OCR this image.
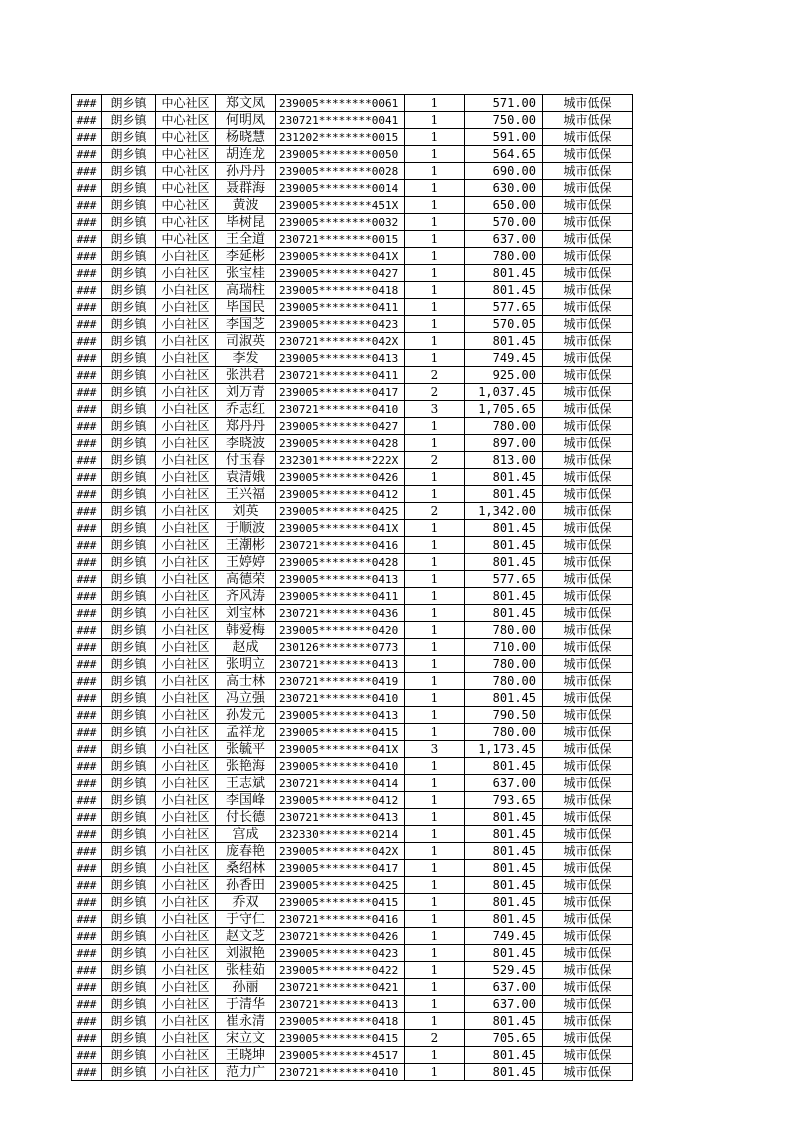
###	朗乡镇	中心社区	郑文凤	239005********0061	1	571.00	城市低保
###	朗乡镇	中心社区	何明凤	230721********0041	1	750.00	城市低保
###	朗乡镇	中心社区	杨晓慧	231202********0015	1	591.00	城市低保
###	朗乡镇	中心社区	胡连龙	239005********0050	1	564.65	城市低保
###	朗乡镇	中心社区	孙丹丹	239005********0028	1	690.00	城市低保
###	朗乡镇	中心社区	聂群海	239005********0014	1	630.00	城市低保
###	朗乡镇	中心社区	黄波	239005********451X	1	650.00	城市低保
###	朗乡镇	中心社区	毕树昆	239005********0032	1	570.00	城市低保
###	朗乡镇	中心社区	王全道	230721********0015	1	637.00	城市低保
###	朗乡镇	小白社区	李延彬	239005********041X	1	780.00	城市低保
###	朗乡镇	小白社区	张宝桂	239005********0427	1	801.45	城市低保
###	朗乡镇	小白社区	高瑞柱	239005********0418	1	801.45	城市低保
###	朗乡镇	小白社区	毕国民	239005********0411	1	577.65	城市低保
###	朗乡镇	小白社区	李国芝	239005********0423	1	570.05	城市低保
###	朗乡镇	小白社区	司淑英	230721********042X	1	801.45	城市低保
###	朗乡镇	小白社区	李发	239005********0413	1	749.45	城市低保
###	朗乡镇	小白社区	张洪君	230721********0411	2	925.00	城市低保
###	朗乡镇	小白社区	刘万青	239005********0417	2	1,037.45	城市低保
###	朗乡镇	小白社区	乔志红	230721********0410	3	1,705.65	城市低保
###	朗乡镇	小白社区	郑丹丹	239005********0427	1	780.00	城市低保
###	朗乡镇	小白社区	李晓波	239005********0428	1	897.00	城市低保
###	朗乡镇	小白社区	付玉春	232301********222X	2	813.00	城市低保
###	朗乡镇	小白社区	袁清娥	239005********0426	1	801.45	城市低保
###	朗乡镇	小白社区	王兴福	239005********0412	1	801.45	城市低保
###	朗乡镇	小白社区	刘英	239005********0425	2	1,342.00	城市低保
###	朗乡镇	小白社区	于顺波	239005********041X	1	801.45	城市低保
###	朗乡镇	小白社区	王潮彬	230721********0416	1	801.45	城市低保
###	朗乡镇	小白社区	王婷婷	239005********0428	1	801.45	城市低保
###	朗乡镇	小白社区	高德荣	239005********0413	1	577.65	城市低保
###	朗乡镇	小白社区	齐风涛	239005********0411	1	801.45	城市低保
###	朗乡镇	小白社区	刘宝林	230721********0436	1	801.45	城市低保
###	朗乡镇	小白社区	韩爱梅	239005********0420	1	780.00	城市低保
###	朗乡镇	小白社区	赵成	230126********0773	1	710.00	城市低保
###	朗乡镇	小白社区	张明立	230721********0413	1	780.00	城市低保
###	朗乡镇	小白社区	高士林	230721********0419	1	780.00	城市低保
###	朗乡镇	小白社区	冯立强	230721********0410	1	801.45	城市低保
###	朗乡镇	小白社区	孙发元	239005********0413	1	790.50	城市低保
###	朗乡镇	小白社区	孟祥龙	239005********0415	1	780.00	城市低保
###	朗乡镇	小白社区	张毓平	239005********041X	3	1,173.45	城市低保
###	朗乡镇	小白社区	张艳海	239005********0410	1	801.45	城市低保
###	朗乡镇	小白社区	王志斌	230721********0414	1	637.00	城市低保
###	朗乡镇	小白社区	李国峰	239005********0412	1	793.65	城市低保
###	朗乡镇	小白社区	付长德	230721********0413	1	801.45	城市低保
###	朗乡镇	小白社区	宫成	232330********0214	1	801.45	城市低保
###	朗乡镇	小白社区	庞春艳	239005********042X	1	801.45	城市低保
###	朗乡镇	小白社区	桑绍林	239005********0417	1	801.45	城市低保
###	朗乡镇	小白社区	孙香田	239005********0425	1	801.45	城市低保
###	朗乡镇	小白社区	乔双	239005********0415	1	801.45	城市低保
###	朗乡镇	小白社区	于守仁	230721********0416	1	801.45	城市低保
###	朗乡镇	小白社区	赵文芝	230721********0426	1	749.45	城市低保
###	朗乡镇	小白社区	刘淑艳	239005********0423	1	801.45	城市低保
###	朗乡镇	小白社区	张桂茹	239005********0422	1	529.45	城市低保
###	朗乡镇	小白社区	孙丽	230721********0421	1	637.00	城市低保
###	朗乡镇	小白社区	于清华	230721********0413	1	637.00	城市低保
###	朗乡镇	小白社区	崔永清	239005********0418	1	801.45	城市低保
###	朗乡镇	小白社区	宋立文	239005********0415	2	705.65	城市低保
###	朗乡镇	小白社区	王晓坤	239005********4517	1	801.45	城市低保
###	朗乡镇	小白社区	范力广	230721********0410	1	801.45	城市低保
